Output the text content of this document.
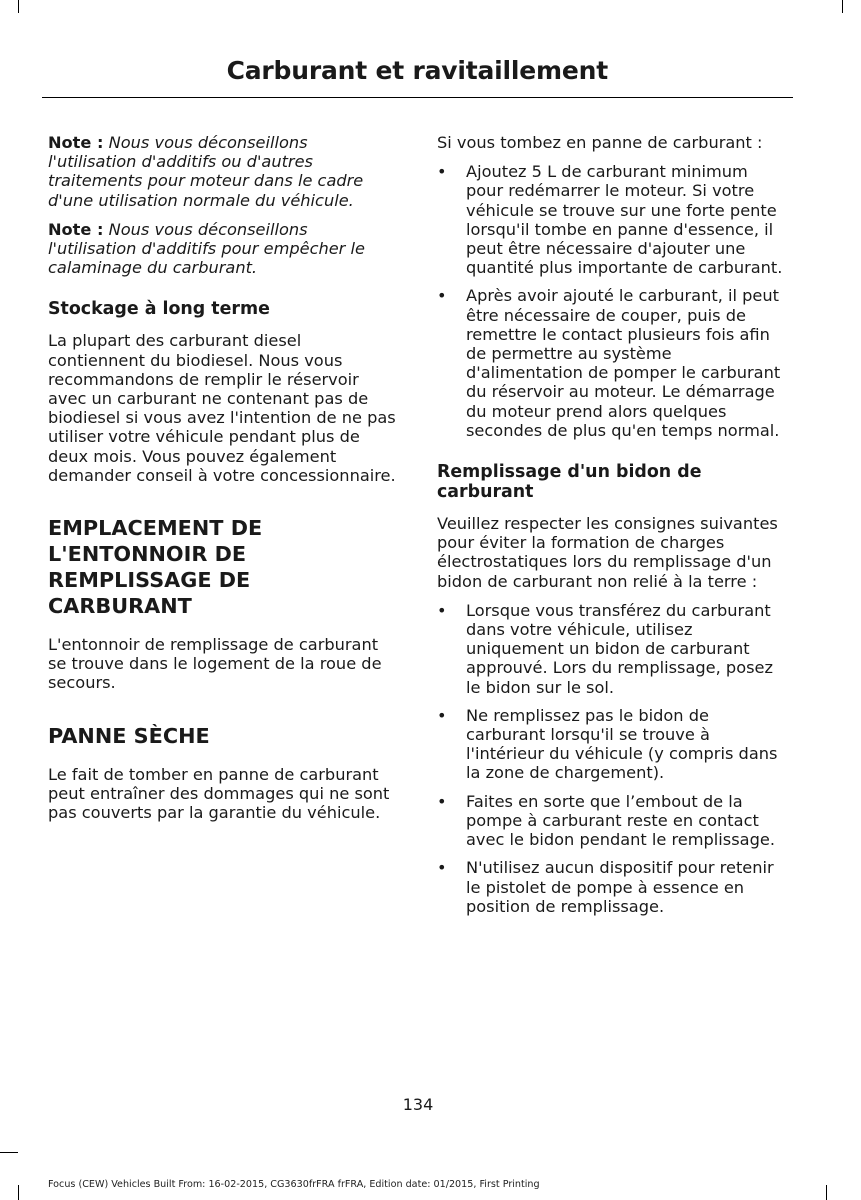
Carburant et ravitaillement

Note : Nous vous déconseillons l'utilisation d'additifs ou d'autres traitements pour moteur dans le cadre d'une utilisation normale du véhicule.

Note : Nous vous déconseillons l'utilisation d'additifs pour empêcher le calaminage du carburant.

Stockage à long terme

La plupart des carburant diesel contiennent du biodiesel. Nous vous recommandons de remplir le réservoir avec un carburant ne contenant pas de biodiesel si vous avez l'intention de ne pas utiliser votre véhicule pendant plus de deux mois. Vous pouvez également demander conseil à votre concessionnaire.

EMPLACEMENT DE L'ENTONNOIR DE REMPLISSAGE DE CARBURANT

L'entonnoir de remplissage de carburant se trouve dans le logement de la roue de secours.

PANNE SÈCHE

Le fait de tomber en panne de carburant peut entraîner des dommages qui ne sont pas couverts par la garantie du véhicule.

Si vous tombez en panne de carburant :

• Ajoutez 5 L de carburant minimum pour redémarrer le moteur. Si votre véhicule se trouve sur une forte pente lorsqu'il tombe en panne d'essence, il peut être nécessaire d'ajouter une quantité plus importante de carburant.
• Après avoir ajouté le carburant, il peut être nécessaire de couper, puis de remettre le contact plusieurs fois afin de permettre au système d'alimentation de pomper le carburant du réservoir au moteur. Le démarrage du moteur prend alors quelques secondes de plus qu'en temps normal.
Remplissage d'un bidon de carburant

Veuillez respecter les consignes suivantes pour éviter la formation de charges électrostatiques lors du remplissage d'un bidon de carburant non relié à la terre :

• Lorsque vous transférez du carburant dans votre véhicule, utilisez uniquement un bidon de carburant approuvé. Lors du remplissage, posez le bidon sur le sol.
• Ne remplissez pas le bidon de carburant lorsqu'il se trouve à l'intérieur du véhicule (y compris dans la zone de chargement).
• Faites en sorte que l’embout de la pompe à carburant reste en contact avec le bidon pendant le remplissage.
• N'utilisez aucun dispositif pour retenir le pistolet de pompe à essence en position de remplissage.
134
Focus (CEW) Vehicles Built From: 16-02-2015, CG3630frFRA frFRA, Edition date: 01/2015, First Printing
